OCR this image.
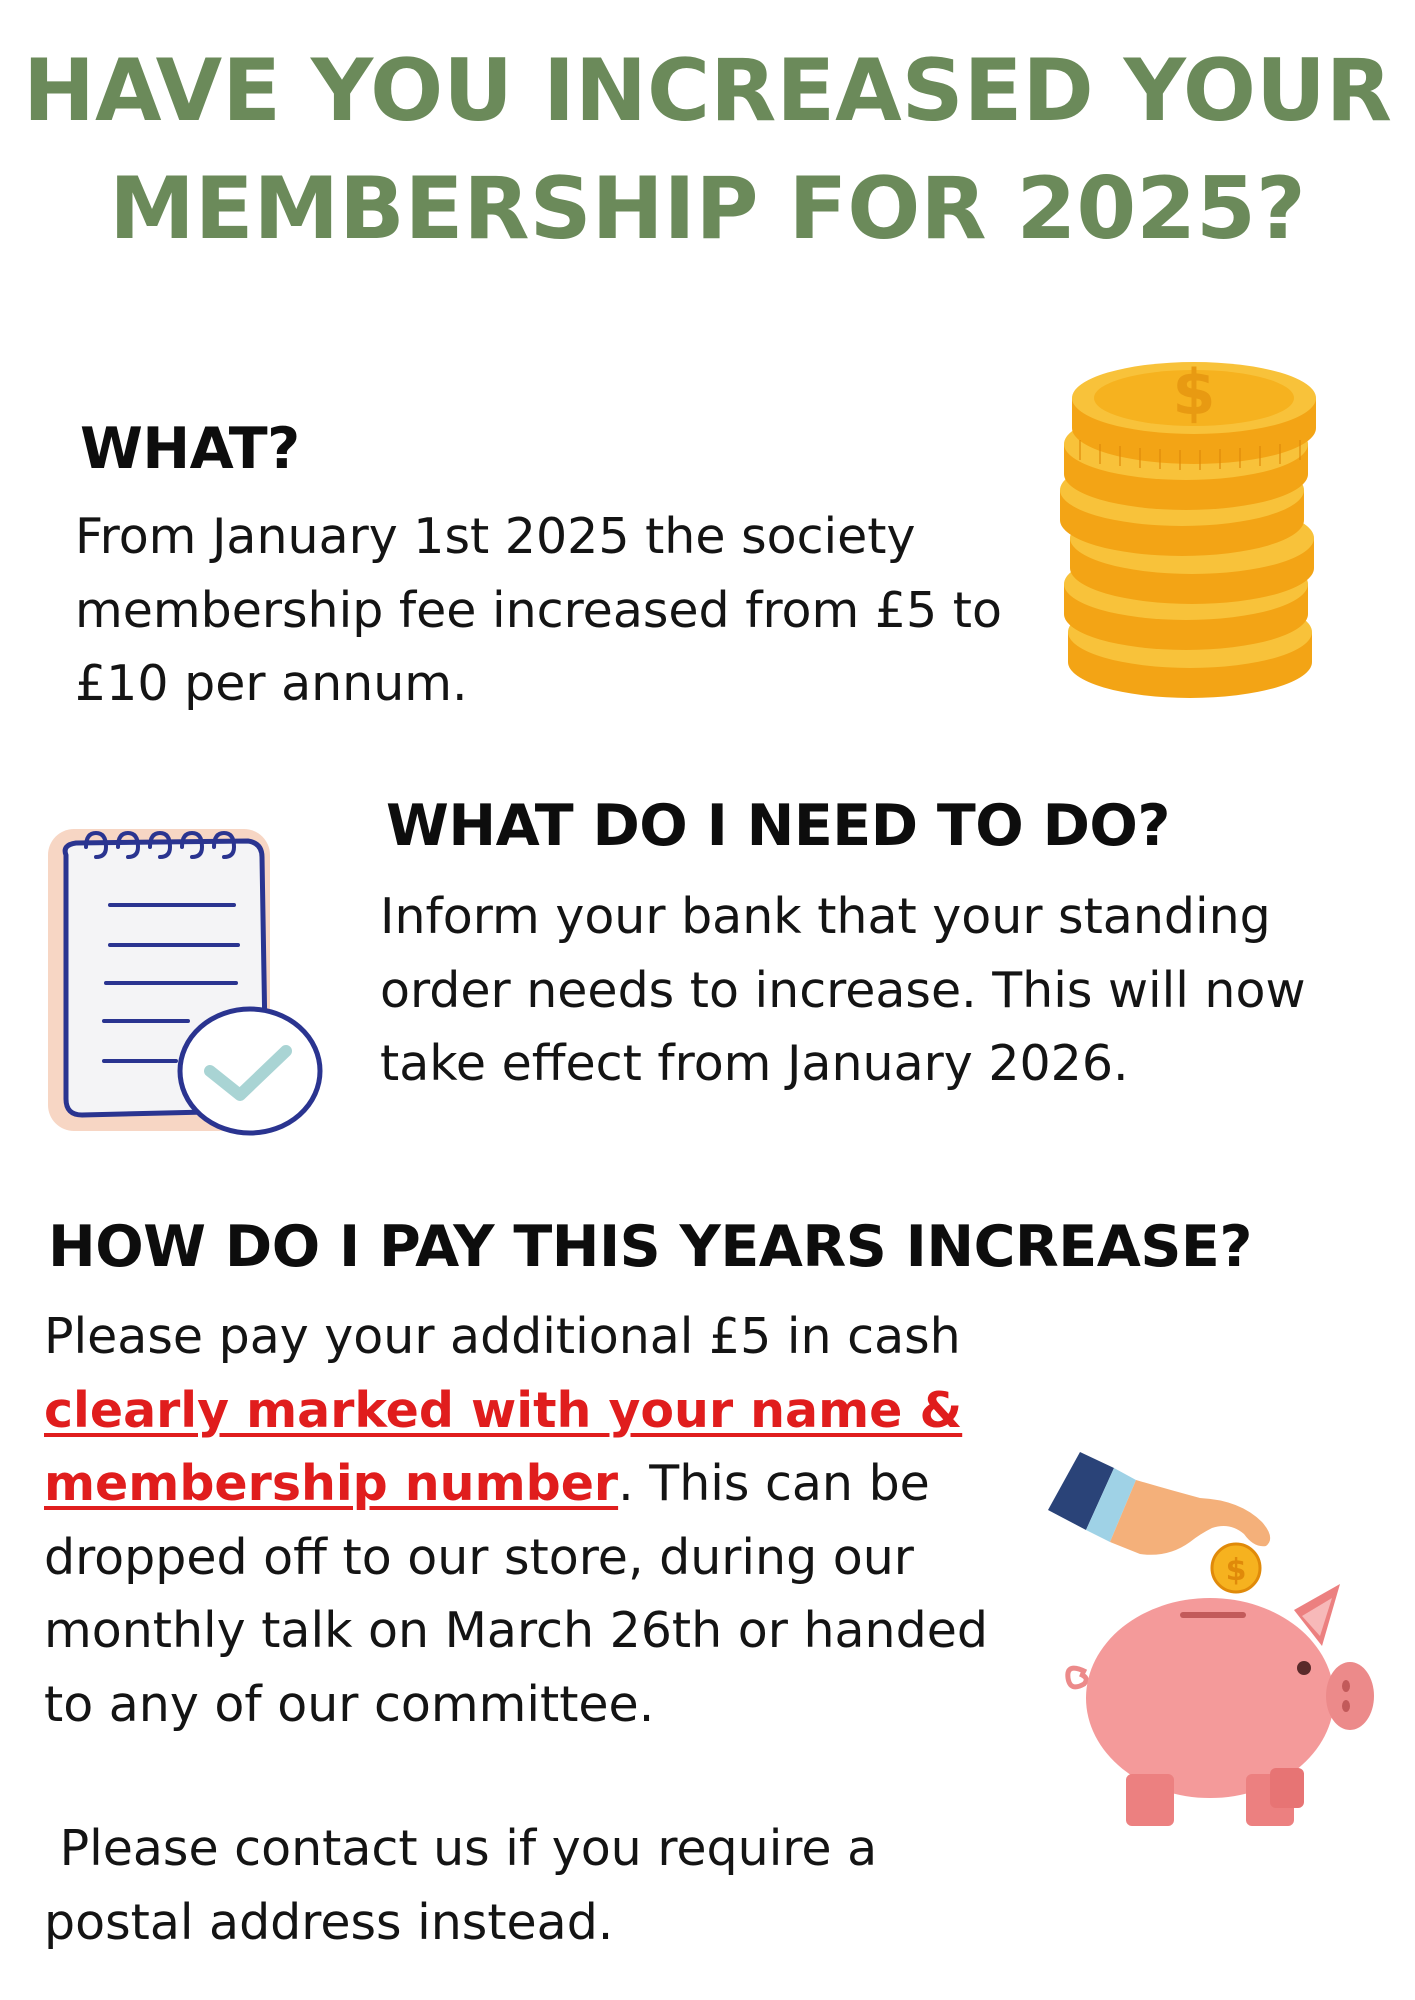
HAVE YOU INCREASED YOUR
MEMBERSHIP FOR 2025?
WHAT?
From January 1st 2025 the society
membership fee increased from £5 to
£10 per annum.
$
WHAT DO I NEED TO DO?
Inform your bank that your standing
order needs to increase. This will now
take effect from January 2026.
HOW DO I PAY THIS YEARS INCREASE?
Please pay your additional £5 in cash
clearly marked with your name &
membership number. This can be
dropped off to our store, during our
monthly talk on March 26th or handed
to any of our committee.
Please contact us if you require a
postal address instead.
$
